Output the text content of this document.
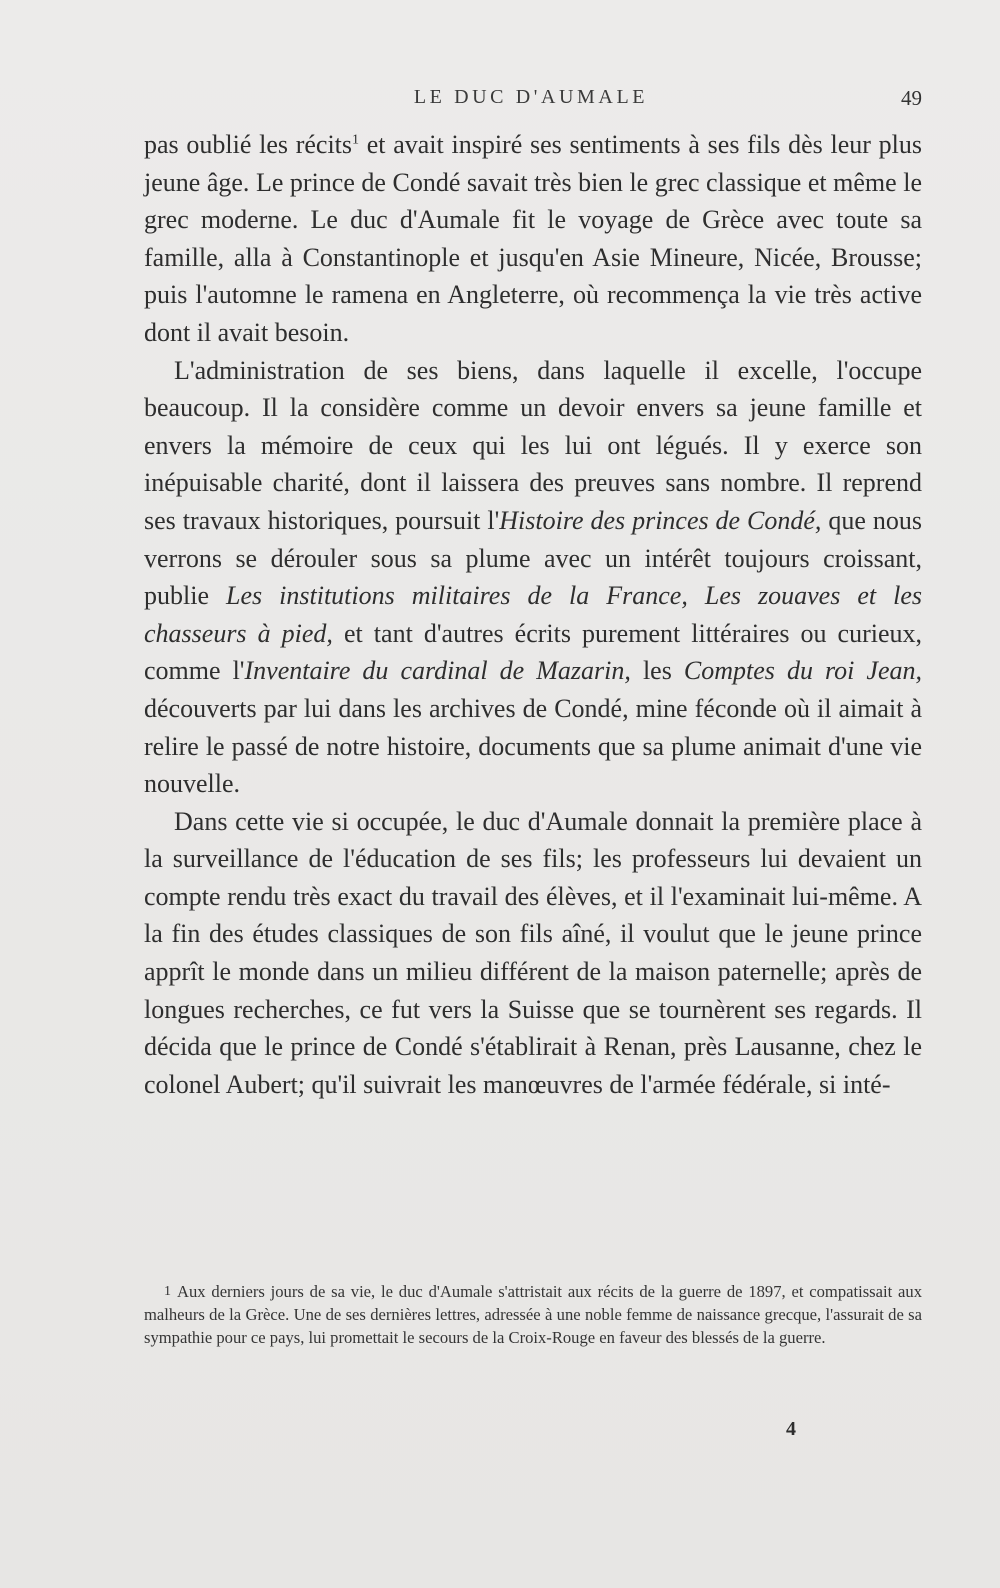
LE DUC D'AUMALE	49

pas oublié les récits$^1$ et avait inspiré ses sentiments à ses fils dès leur plus jeune âge. Le prince de Condé savait très bien le grec classique et même le grec moderne. Le duc d'Aumale fit le voyage de Grèce avec toute sa famille, alla à Constantinople et jusqu'en Asie Mineure, Nicée, Brousse; puis l'automne le ramena en Angleterre, où recommença la vie très active dont il avait besoin.

L'administration de ses biens, dans laquelle il excelle, l'occupe beaucoup. Il la considère comme un devoir envers sa jeune famille et envers la mémoire de ceux qui les lui ont légués. Il y exerce son inépuisable charité, dont il laissera des preuves sans nombre. Il reprend ses travaux historiques, poursuit l'Histoire des princes de Condé, que nous verrons se dérouler sous sa plume avec un intérêt toujours croissant, publie Les institutions militaires de la France, Les zouaves et les chasseurs à pied, et tant d'autres écrits purement littéraires ou curieux, comme l'Inventaire du cardinal de Mazarin, les Comptes du roi Jean, découverts par lui dans les archives de Condé, mine féconde où il aimait à relire le passé de notre histoire, documents que sa plume animait d'une vie nouvelle.

Dans cette vie si occupée, le duc d'Aumale donnait la première place à la surveillance de l'éducation de ses fils; les professeurs lui devaient un compte rendu très exact du travail des élèves, et il l'examinait lui-même. A la fin des études classiques de son fils aîné, il voulut que le jeune prince apprît le monde dans un milieu différent de la maison paternelle; après de longues recherches, ce fut vers la Suisse que se tournèrent ses regards. Il décida que le prince de Condé s'établirait à Renan, près Lausanne, chez le colonel Aubert; qu'il suivrait les manœuvres de l'armée fédérale, si inté-

$^1$ Aux derniers jours de sa vie, le duc d'Aumale s'attristait aux récits de la guerre de 1897, et compatissait aux malheurs de la Grèce. Une de ses dernières lettres, adressée à une noble femme de naissance grecque, l'assurait de sa sympathie pour ce pays, lui promettait le secours de la Croix-Rouge en faveur des blessés de la guerre.
4
